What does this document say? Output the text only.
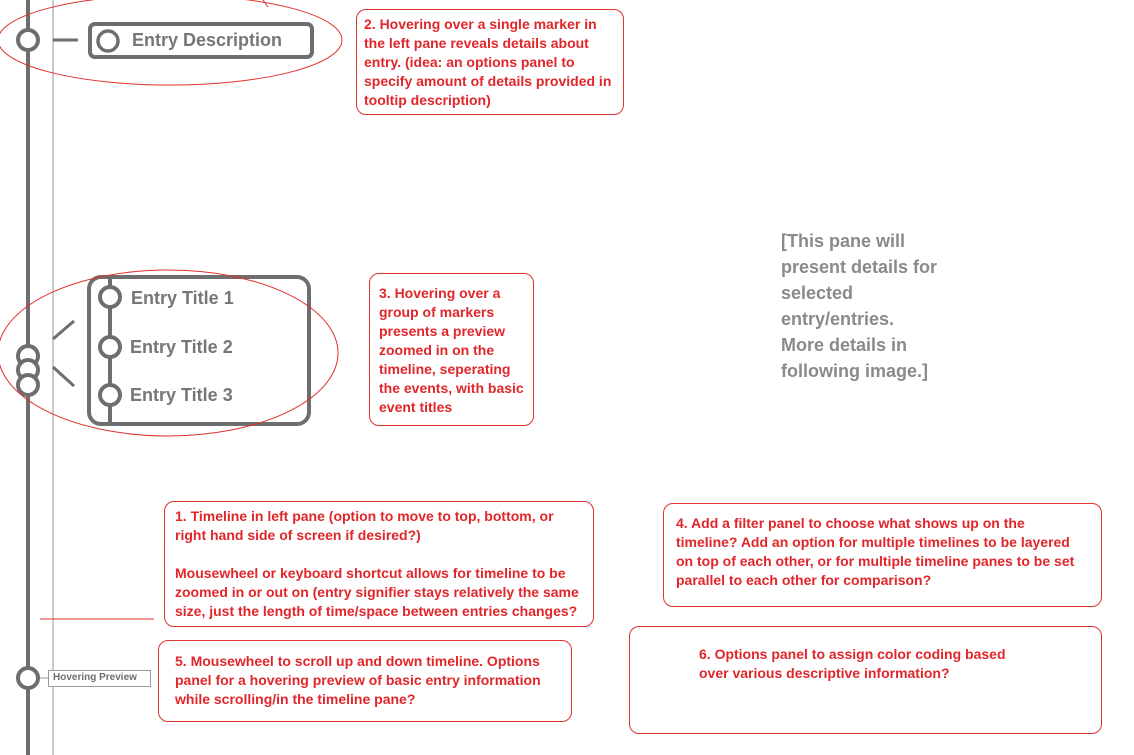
Entry Description
Entry Title 1
Entry Title 2
Entry Title 3
Hovering Preview
[This pane will
present details for
selected
entry/entries.
More details in
following image.]
2. Hovering over a single marker in
the left pane reveals details about
entry. (idea: an options panel to
specify amount of details provided in
tooltip description)
3. Hovering over a
group of markers
presents a preview
zoomed in on the
timeline, seperating
the events, with basic
event titles
1. Timeline in left pane (option to move to top, bottom, or
right hand side of screen if desired?)

Mousewheel or keyboard shortcut allows for timeline to be
zoomed in or out on (entry signifier stays relatively the same
size, just the length of time/space between entries changes?
4. Add a filter panel to choose what shows up on the
timeline? Add an option for multiple timelines to be layered
on top of each other, or for multiple timeline panes to be set
parallel to each other for comparison?
5. Mousewheel to scroll up and down timeline. Options
panel for a hovering preview of basic entry information
while scrolling/in the timeline pane?
6. Options panel to assign color coding based
over various descriptive information?
